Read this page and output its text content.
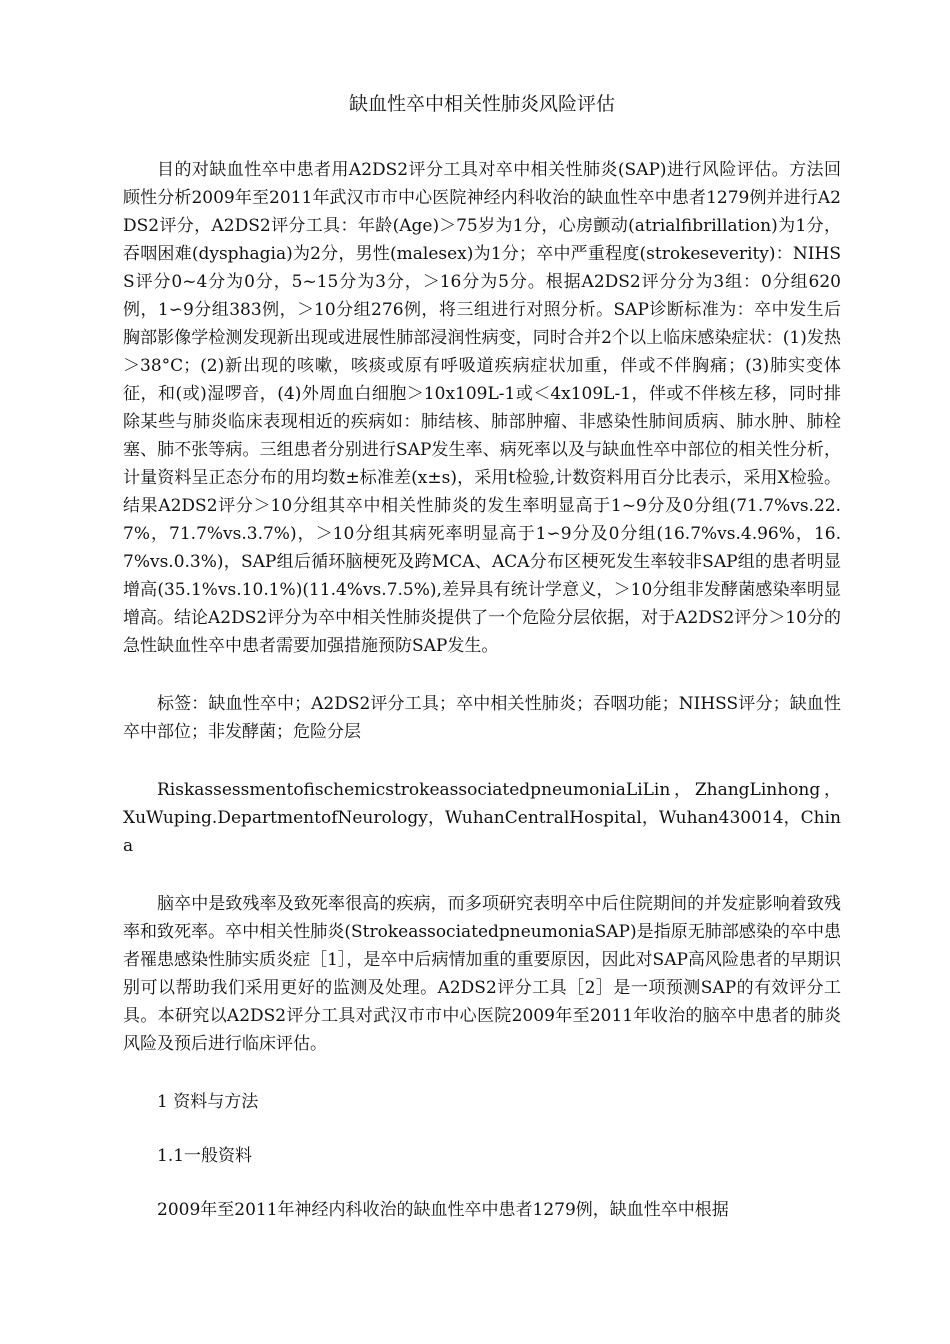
缺血性卒中相关性肺炎风险评估

目的对缺血性卒中患者用A2DS2评分工具对卒中相关性肺炎(SAP)进行风险评估。方法回顾性分析2009年至2011年武汉市市中心医院神经内科收治的缺血性卒中患者1279例并进行A2DS2评分，A2DS2评分工具：年龄(Age)＞75岁为1分，心房颤动(atrialfibrillation)为1分，吞咽困难(dysphagia)为2分，男性(malesex)为1分；卒中严重程度(strokeseverity)：NIHSS评分0~4分为0分，5~15分为3分，＞16分为5分。根据A2DS2评分分为3组：0分组620例，1∽9分组383例，＞10分组276例，将三组进行对照分析。SAP诊断标准为：卒中发生后胸部影像学检测发现新出现或进展性肺部浸润性病变，同时合并2个以上临床感染症状：(1)发热＞38°C；(2)新出现的咳嗽，咳痰或原有呼吸道疾病症状加重，伴或不伴胸痛；(3)肺实变体征，和(或)湿啰音，(4)外周血白细胞＞10x109L-1或＜4x109L-1，伴或不伴核左移，同时排除某些与肺炎临床表现相近的疾病如：肺结核、肺部肿瘤、非感染性肺间质病、肺水肿、肺栓塞、肺不张等病。三组患者分别进行SAP发生率、病死率以及与缺血性卒中部位的相关性分析，计量资料呈正态分布的用均数±标准差(x±s)，采用t检验,计数资料用百分比表示，采用X检验。结果A2DS2评分＞10分组其卒中相关性肺炎的发生率明显高于1~9分及0分组(71.7%vs.22.7%，71.7%vs.3.7%)，＞10分组其病死率明显高于1∽9分及0分组(16.7%vs.4.96%，16.7%vs.0.3%)，SAP组后循环脑梗死及跨MCA、ACA分布区梗死发生率较非SAP组的患者明显增高(35.1%vs.10.1%)(11.4%vs.7.5%),差异具有统计学意义，＞10分组非发酵菌感染率明显增高。结论A2DS2评分为卒中相关性肺炎提供了一个危险分层依据，对于A2DS2评分＞10分的急性缺血性卒中患者需要加强措施预防SAP发生。

标签：缺血性卒中；A2DS2评分工具；卒中相关性肺炎；吞咽功能；NIHSS评分；缺血性卒中部位；非发酵菌；危险分层

RiskassessmentofischemicstrokeassociatedpneumoniaLiLin，ZhangLinhong，XuWuping.DepartmentofNeurology，WuhanCentralHospital，Wuhan430014，China

脑卒中是致残率及致死率很高的疾病，而多项研究表明卒中后住院期间的并发症影响着致残率和致死率。卒中相关性肺炎(StrokeassociatedpneumoniaSAP)是指原无肺部感染的卒中患者罹患感染性肺实质炎症［1］，是卒中后病情加重的重要原因，因此对SAP高风险患者的早期识别可以帮助我们采用更好的监测及处理。A2DS2评分工具［2］是一项预测SAP的有效评分工具。本研究以A2DS2评分工具对武汉市市中心医院2009年至2011年收治的脑卒中患者的肺炎风险及预后进行临床评估。

1 资料与方法

1.1一般资料

2009年至2011年神经内科收治的缺血性卒中患者1279例，缺血性卒中根据
